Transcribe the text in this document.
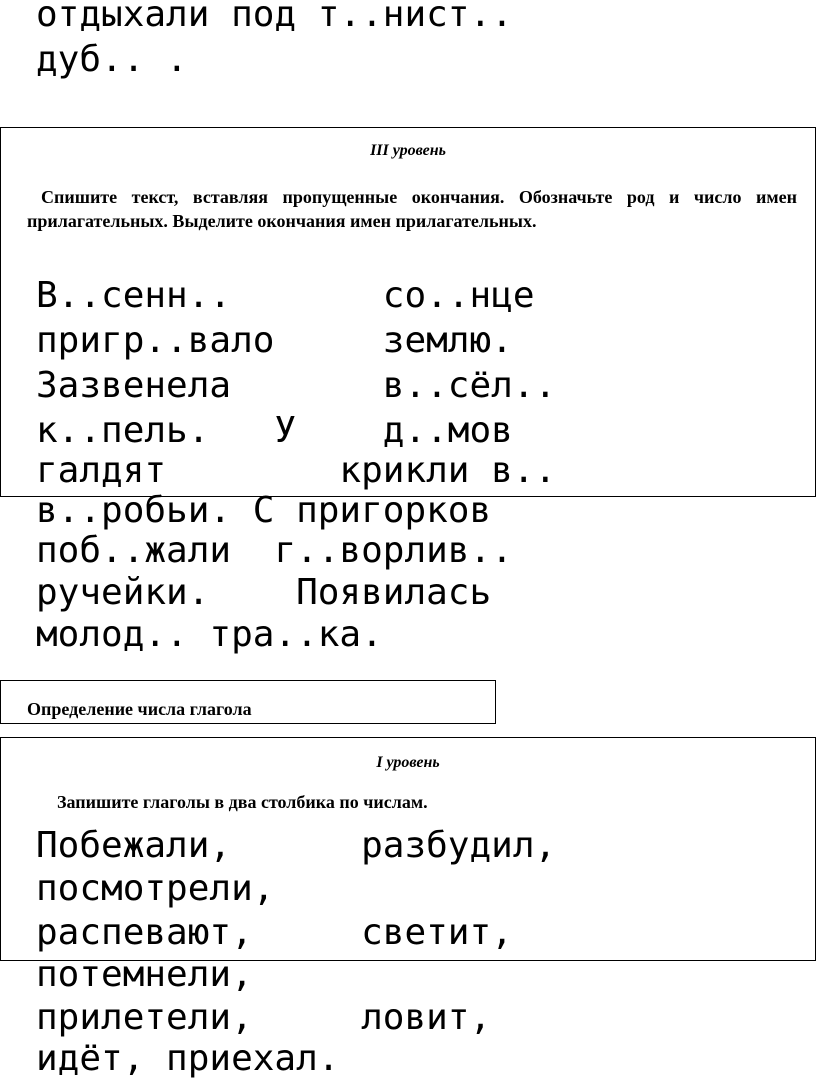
отдыхали под т..нист..
дуб.. .
III уровень
Спишите текст, вставляя пропущенные окончания. Обозначьте род и число имен прилагательных. Выделите окончания имен прилагательных.
В..сенн..       со..нце
пригр..вало     землю.
Зазвенела       в..сёл..
к..пель.   У    д..мов
галдят        крикли в..
в..робьи. С пригорков
поб..жали  г..ворлив..
ручейки.    Появилась
молод.. тра..ка.
Определение числа глагола
I уровень
Запишите глаголы в два столбика по числам.
Побежали,      разбудил,
посмотрели,
распевают,     светит,
потемнели,
прилетели,     ловит,
идёт, приехал.
